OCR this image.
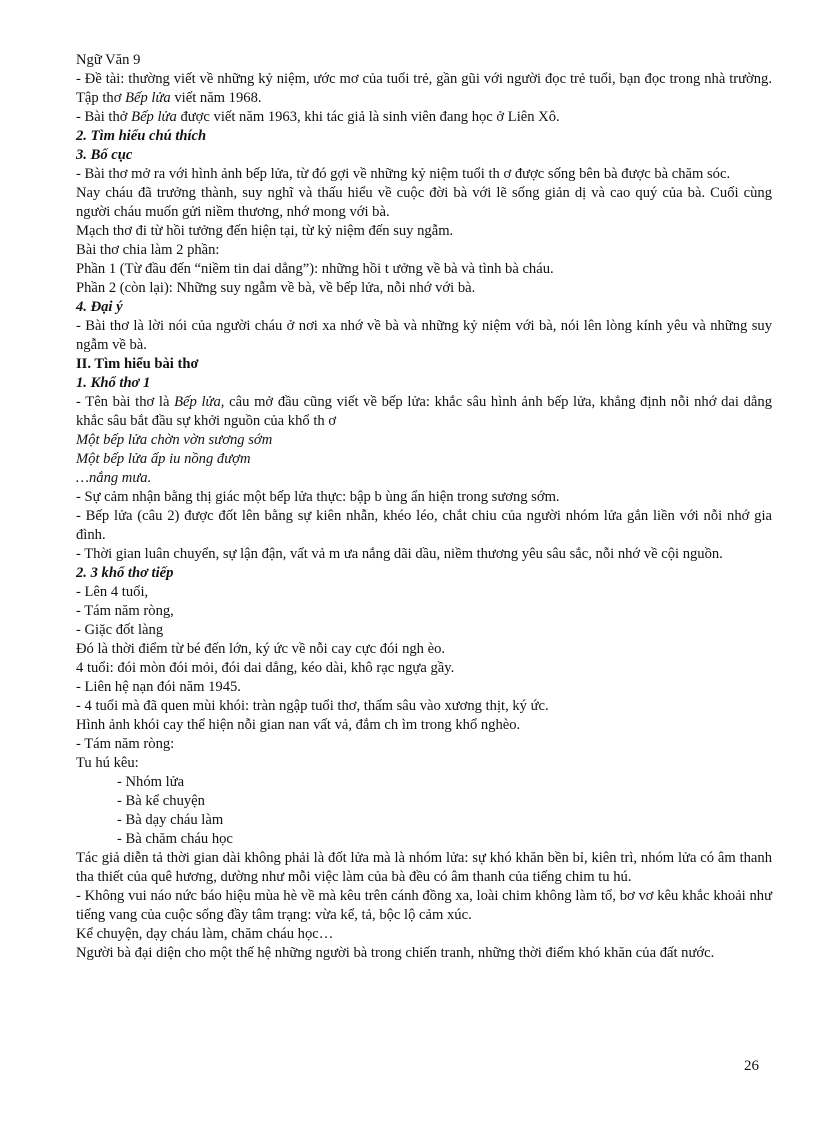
Ngữ Văn 9

- Đề tài: thường viết về những kỷ niệm, ước mơ của tuổi trẻ, gần gũi với người đọc trẻ tuổi, bạn đọc trong nhà trường. Tập thơ Bếp lửa viết năm 1968.

- Bài thở Bếp lửa được viết năm 1963, khi tác giả là sinh viên đang học ở Liên Xô.

2. Tìm hiểu chú thích

3. Bố cục

- Bài thơ mở ra với hình ảnh bếp lửa, từ đó gợi về những kỷ niệm tuổi th ơ được sống bên bà được bà chăm sóc.

Nay cháu đã trưởng thành, suy nghĩ và thấu hiểu về cuộc đời bà với lẽ sống giản dị và cao quý của bà. Cuối cùng người cháu muốn gửi niềm thương, nhớ mong với bà.

Mạch thơ đi từ hồi tưởng đến hiện tại, từ kỷ niệm đến suy ngẫm.

Bài thơ chia làm 2 phần:

Phần 1 (Từ đầu đến “niềm tin dai dẳng”): những hồi t ưởng về bà và tình bà cháu.

Phần 2 (còn lại): Những suy ngẫm về bà, về bếp lửa, nỗi nhớ với bà.

4. Đại ý

- Bài thơ là lời nói của người cháu ở nơi xa nhớ về bà và những kỷ niệm với bà, nói lên lòng kính yêu và những suy ngẫm về bà.

II. Tìm hiểu bài thơ

1. Khổ thơ 1

- Tên bài thơ là Bếp lửa, câu mở đầu cũng viết về bếp lửa: khắc sâu hình ảnh bếp lửa, khẳng định nỗi nhớ dai dẳng khắc sâu bắt đầu sự khởi nguồn của khổ th ơ

Một bếp lửa chờn vờn sương sớm

Một bếp lửa ấp iu nồng đượm

…nắng mưa.

- Sự cảm nhận bằng thị giác một bếp lửa thực: bập b ùng ẩn hiện trong sương sớm.

- Bếp lửa (câu 2) được đốt lên bằng sự kiên nhẫn, khéo léo, chắt chiu của người nhóm lửa gắn liền với nỗi nhớ gia đình.

- Thời gian luân chuyển, sự lận đận, vất vả m ưa nắng dãi dầu, niềm thương yêu sâu sắc, nỗi nhớ về cội nguồn.

2. 3 khổ thơ tiếp

- Lên 4 tuổi,

- Tám năm ròng,

- Giặc đốt làng

Đó là thời điểm từ bé đến lớn, ký ức về nỗi cay cực đói ngh èo.

4 tuổi: đói mòn đói mỏi, đói dai dẳng, kéo dài, khô rạc ngựa gầy.

- Liên hệ nạn đói năm 1945.

- 4 tuổi mà đã quen mùi khói: tràn ngập tuổi thơ, thấm sâu vào xương thịt, ký ức.

Hình ảnh khói cay thể hiện nỗi gian nan vất vả, đắm ch ìm trong khổ nghèo.

- Tám năm ròng:

Tu hú kêu:

- Nhóm lửa

- Bà kể chuyện

- Bà dạy cháu làm

- Bà chăm cháu học

Tác giả diễn tả thời gian dài không phải là đốt lửa mà là nhóm lửa: sự khó khăn bền bỉ, kiên trì, nhóm lửa có âm thanh tha thiết của quê hương, dường như mỗi việc làm của bà đều có âm thanh của tiếng chim tu hú.

- Không vui náo nức báo hiệu mùa hè về mà kêu trên cánh đồng xa, loài chim không làm tổ, bơ vơ kêu khắc khoải như tiếng vang của cuộc sống đầy tâm trạng: vừa kể, tả, bộc lộ cảm xúc.

Kể chuyện, dạy cháu làm, chăm cháu học…

Người bà đại diện cho một thế hệ những người bà trong chiến tranh, những thời điểm khó khăn của đất nước.

26
